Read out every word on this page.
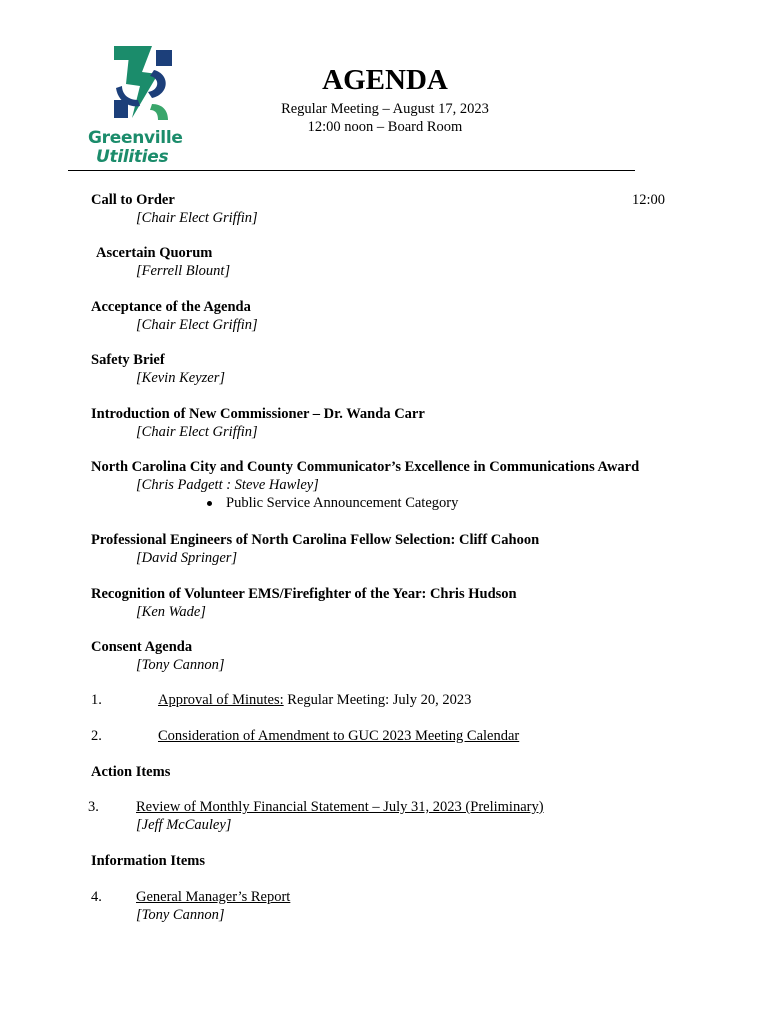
Greenville
Utilities
AGENDA
Regular Meeting – August 17, 2023
12:00 noon – Board Room
Call to Order
[Chair Elect Griffin]
12:00
Ascertain Quorum
[Ferrell Blount]
Acceptance of the Agenda
[Chair Elect Griffin]
Safety Brief
[Kevin Keyzer]
Introduction of New Commissioner – Dr. Wanda Carr
[Chair Elect Griffin]
North Carolina City and County Communicator’s Excellence in Communications Award
[Chris Padgett : Steve Hawley]
Public Service Announcement Category
Professional Engineers of North Carolina Fellow Selection: Cliff Cahoon
[David Springer]
Recognition of Volunteer EMS/Firefighter of the Year: Chris Hudson
[Ken Wade]
Consent Agenda
[Tony Cannon]
1.	Approval of Minutes: Regular Meeting: July 20, 2023
2.	Consideration of Amendment to GUC 2023 Meeting Calendar
Action Items
3.	Review of Monthly Financial Statement – July 31, 2023 (Preliminary)
[Jeff McCauley]
Information Items
4. General Manager’s Report
[Tony Cannon]
